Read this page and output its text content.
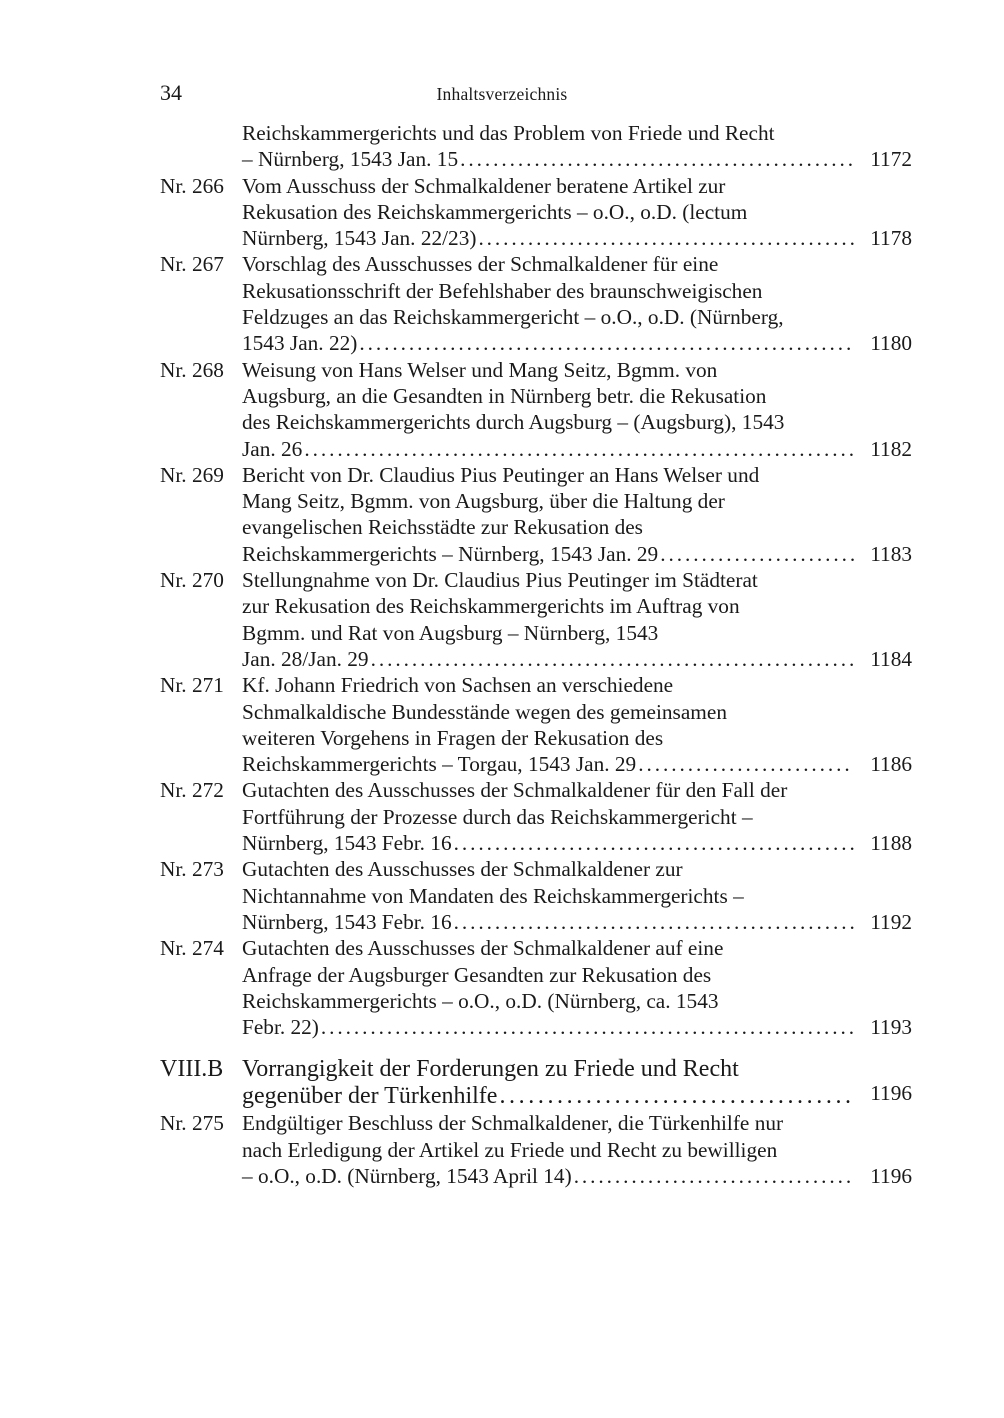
34	Inhaltsverzeichnis
Reichskammergerichts und das Problem von Friede und Recht
– Nürnberg, 1543 Jan. 15 . . .	1172
Nr. 266 Vom Ausschuss der Schmalkaldener beratene Artikel zur
Rekusation des Reichskammergerichts – o.O., o.D. (lectum
Nürnberg, 1543 Jan. 22/23) . . .	1178
Nr. 267 Vorschlag des Ausschusses der Schmalkaldener für eine
Rekusationsschrift der Befehlshaber des braunschweigischen
Feldzuges an das Reichskammergericht – o.O., o.D. (Nürnberg,
1543 Jan. 22) . . .	1180
Nr. 268 Weisung von Hans Welser und Mang Seitz, Bgmm. von
Augsburg, an die Gesandten in Nürnberg betr. die Rekusation
des Reichskammergerichts durch Augsburg – (Augsburg), 1543
Jan. 26 . . .	1182
Nr. 269 Bericht von Dr. Claudius Pius Peutinger an Hans Welser und
Mang Seitz, Bgmm. von Augsburg, über die Haltung der
evangelischen Reichsstädte zur Rekusation des
Reichskammergerichts – Nürnberg, 1543 Jan. 29 . . .	1183
Nr. 270 Stellungnahme von Dr. Claudius Pius Peutinger im Städterat
zur Rekusation des Reichskammergerichts im Auftrag von
Bgmm. und Rat von Augsburg – Nürnberg, 1543
Jan. 28/Jan. 29 . . .	1184
Nr. 271 Kf. Johann Friedrich von Sachsen an verschiedene
Schmalkaldische Bundesstände wegen des gemeinsamen
weiteren Vorgehens in Fragen der Rekusation des
Reichskammergerichts – Torgau, 1543 Jan. 29 . . .	1186
Nr. 272 Gutachten des Ausschusses der Schmalkaldener für den Fall der
Fortführung der Prozesse durch das Reichskammergericht –
Nürnberg, 1543 Febr. 16 . . .	1188
Nr. 273 Gutachten des Ausschusses der Schmalkaldener zur
Nichtannahme von Mandaten des Reichskammergerichts –
Nürnberg, 1543 Febr. 16 . . .	1192
Nr. 274 Gutachten des Ausschusses der Schmalkaldener auf eine
Anfrage der Augsburger Gesandten zur Rekusation des
Reichskammergerichts – o.O., o.D. (Nürnberg, ca. 1543
Febr. 22) . . .	1193
VIII.B Vorrangigkeit der Forderungen zu Friede und Recht
gegenüber der Türkenhilfe . . .	1196
Nr. 275 Endgültiger Beschluss der Schmalkaldener, die Türkenhilfe nur
nach Erledigung der Artikel zu Friede und Recht zu bewilligen
– o.O., o.D. (Nürnberg, 1543 April 14) . . .	1196
